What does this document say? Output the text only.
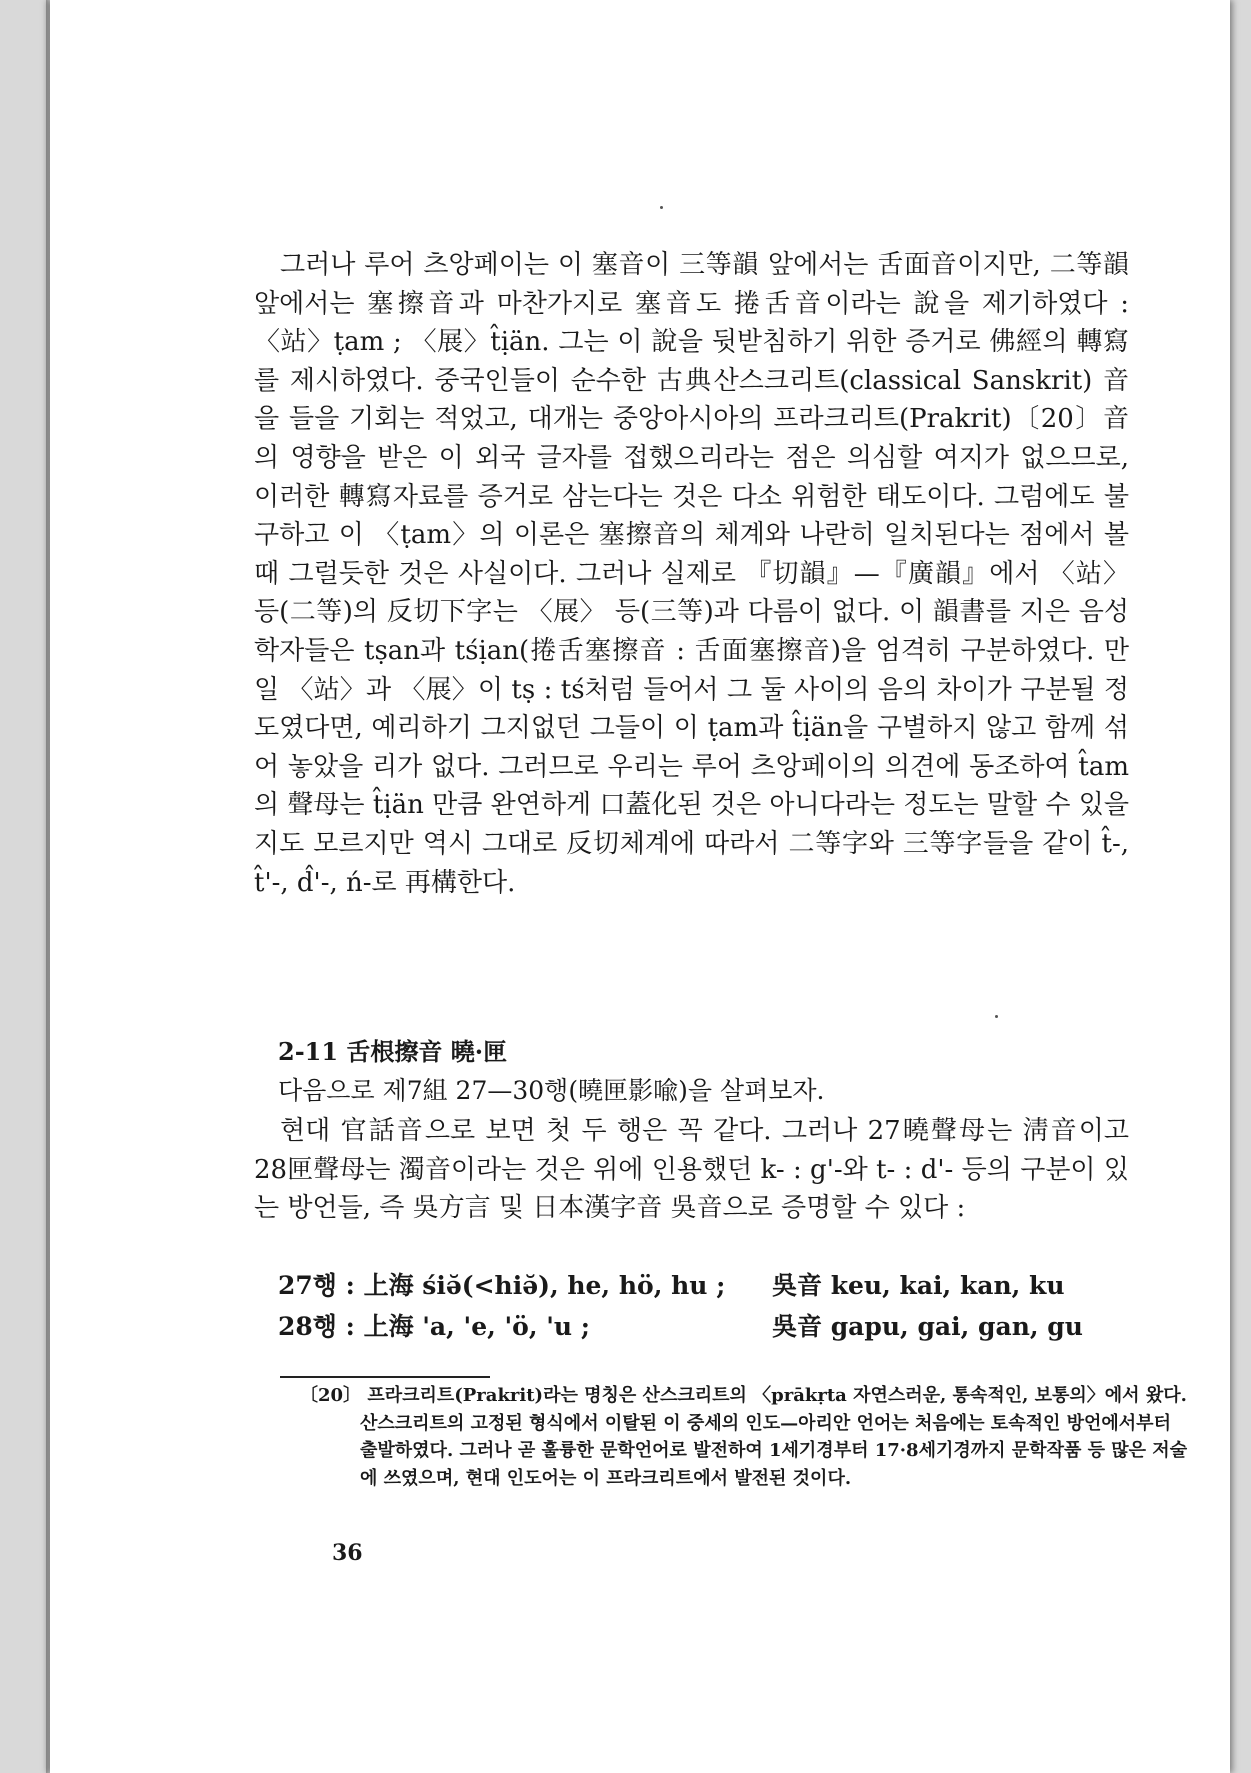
그러나 루어 츠앙페이는 이 塞音이 三等韻 앞에서는 舌面音이지만, 二等韻 앞에서는 塞擦音과 마찬가지로 塞音도 捲舌音이라는 說을 제기하였다 : 〈站〉ṭam ; 〈展〉t̂ịän. 그는 이 說을 뒷받침하기 위한 증거로 佛經의 轉寫를 제시하였다. 중국인들이 순수한 古典산스크리트(classical Sanskrit) 音을 들을 기회는 적었고, 대개는 중앙아시아의 프라크리트(Prakrit)〔20〕音의 영향을 받은 이 외국 글자를 접했으리라는 점은 의심할 여지가 없으므로, 이러한 轉寫자료를 증거로 삼는다는 것은 다소 위험한 태도이다. 그럼에도 불구하고 이 〈ṭam〉의 이론은 塞擦音의 체계와 나란히 일치된다는 점에서 볼 때 그럴듯한 것은 사실이다. 그러나 실제로 『切韻』—『廣韻』에서 〈站〉 등(二等)의 反切下字는 〈展〉 등(三等)과 다름이 없다. 이 韻書를 지은 음성학자들은 tṣan과 tśịan(捲舌塞擦音 : 舌面塞擦音)을 엄격히 구분하였다. 만일 〈站〉과 〈展〉이 tṣ : tś처럼 들어서 그 둘 사이의 음의 차이가 구분될 정도였다면, 예리하기 그지없던 그들이 이 ṭam과 t̂ịän을 구별하지 않고 함께 섞어 놓았을 리가 없다. 그러므로 우리는 루어 츠앙페이의 의견에 동조하여 t̂am의 聲母는 t̂ịän 만큼 완연하게 口蓋化된 것은 아니다라는 정도는 말할 수 있을지도 모르지만 역시 그대로 反切체계에 따라서 二等字와 三等字들을 같이 t̂-, t̂'-, d̂'-, ń-로 再構한다.

2-11 舌根擦音 曉·匣
다음으로 제7組 27—30행(曉匣影喩)을 살펴보자.

현대 官話音으로 보면 첫 두 행은 꼭 같다. 그러나 27曉聲母는 淸音이고 28匣聲母는 濁音이라는 것은 위에 인용했던 k- : g'-와 t- : d'- 등의 구분이 있는 방언들, 즉 吳方言 및 日本漢字音 吳音으로 증명할 수 있다 :

27행 : 上海 śiə̆(<hiə̆), he, hö, hu ; 吳音 keu, kai, kan, ku
28행 : 上海 'a, 'e, 'ö, 'u ;	吳音 gapu, gai, gan, gu
〔20〕 프라크리트(Prakrit)라는 명칭은 산스크리트의 〈prākṛta 자연스러운, 통속적인, 보통의〉에서 왔다. 산스크리트의 고정된 형식에서 이탈된 이 중세의 인도—아리안 언어는 처음에는 토속적인 방언에서부터 출발하였다. 그러나 곧 훌륭한 문학언어로 발전하여 1세기경부터 17·8세기경까지 문학작품 등 많은 저술에 쓰였으며, 현대 인도어는 이 프라크리트에서 발전된 것이다.
36
